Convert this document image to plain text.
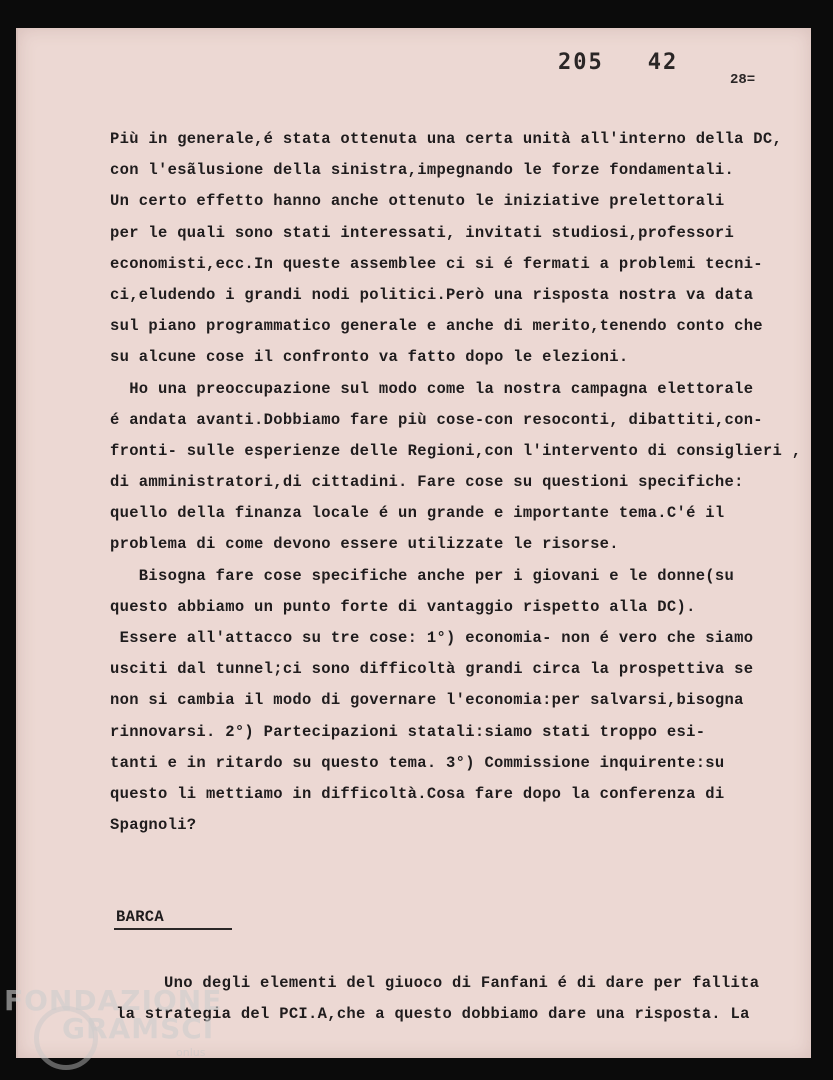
205 42
28=
Più in generale,é stata ottenuta una certa unità all'interno della DC,
con l'esãlusione della sinistra,impegnando le forze fondamentali.
Un certo effetto hanno anche ottenuto le iniziative prelettorali
per le quali sono stati interessati, invitati studiosi,professori
economisti,ecc.In queste assemblee ci si é fermati a problemi tecni-
ci,eludendo i grandi nodi politici.Però una risposta nostra va data
sul piano programmatico generale e anche di merito,tenendo conto che
su alcune cose il confronto va fatto dopo le elezioni.
Ho una preoccupazione sul modo come la nostra campagna elettorale
é andata avanti.Dobbiamo fare più cose-con resoconti, dibattiti,con-
fronti- sulle esperienze delle Regioni,con l'intervento di consiglieri ,
di amministratori,di cittadini. Fare cose su questioni specifiche:
quello della finanza locale é un grande e importante tema.C'é il
problema di come devono essere utilizzate le risorse.
Bisogna fare cose specifiche anche per i giovani e le donne(su
questo abbiamo un punto forte di vantaggio rispetto alla DC).
Essere all'attacco su tre cose: 1°) economia- non é vero che siamo
usciti dal tunnel;ci sono difficoltà grandi circa la prospettiva se
non si cambia il modo di governare l'economia:per salvarsi,bisogna
rinnovarsi. 2°) Partecipazioni statali:siamo stati troppo esi-
tanti e in ritardo su questo tema. 3°) Commissione inquirente:su
questo li mettiamo in difficoltà.Cosa fare dopo la conferenza di
Spagnoli?
BARCA
Uno degli elementi del giuoco di Fanfani é di dare per fallita
la strategia del PCI.A,che a questo dobbiamo dare una risposta. La
FONDAZIONE
GRAMSCI
onlus
